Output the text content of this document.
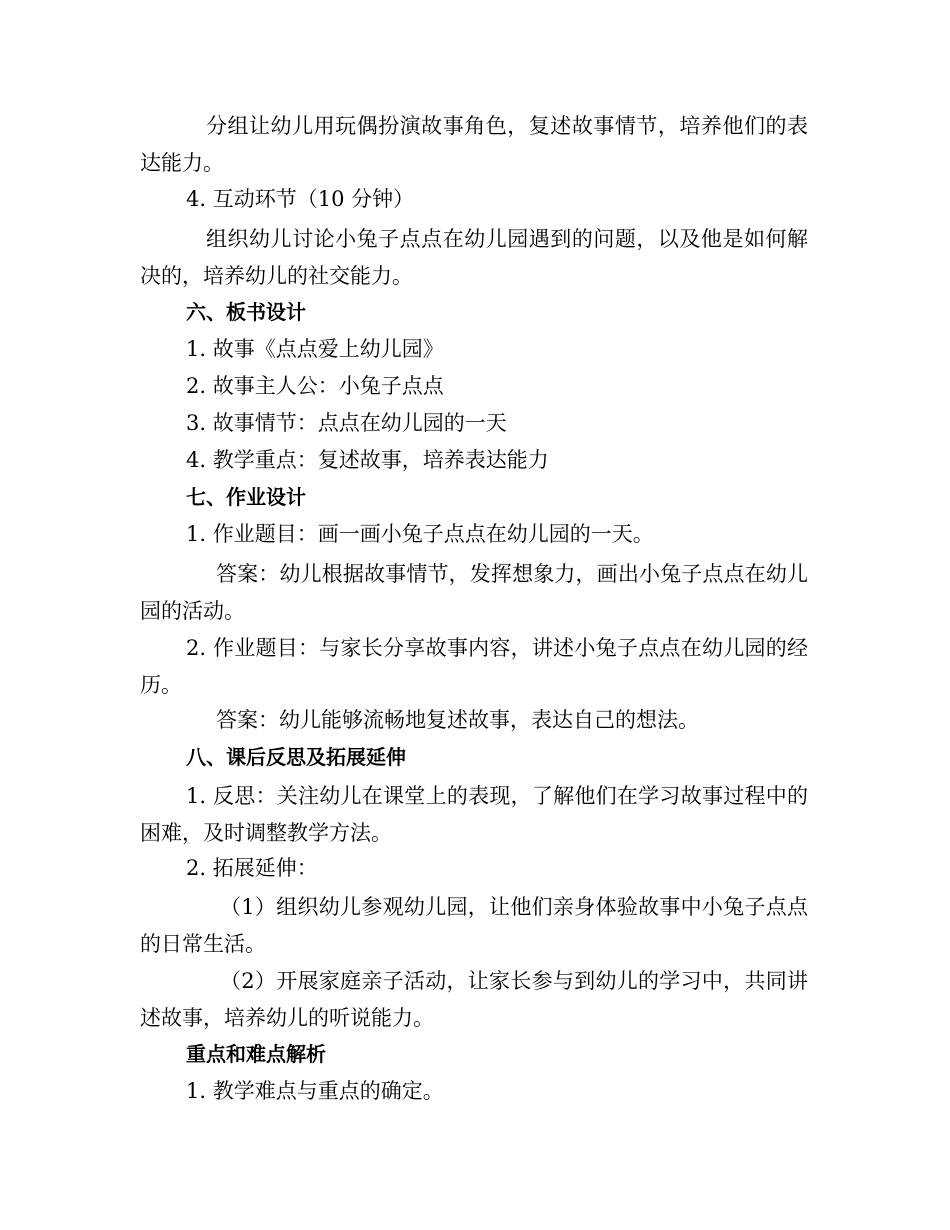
分组让幼儿用玩偶扮演故事角色，复述故事情节，培养他们的表达能力。
4. 互动环节（10 分钟）
组织幼儿讨论小兔子点点在幼儿园遇到的问题，以及他是如何解决的，培养幼儿的社交能力。
六、板书设计
1. 故事《点点爱上幼儿园》
2. 故事主人公：小兔子点点
3. 故事情节：点点在幼儿园的一天
4. 教学重点：复述故事，培养表达能力
七、作业设计
1. 作业题目：画一画小兔子点点在幼儿园的一天。
答案：幼儿根据故事情节，发挥想象力，画出小兔子点点在幼儿园的活动。
2. 作业题目：与家长分享故事内容，讲述小兔子点点在幼儿园的经历。
答案：幼儿能够流畅地复述故事，表达自己的想法。
八、课后反思及拓展延伸
1. 反思：关注幼儿在课堂上的表现，了解他们在学习故事过程中的困难，及时调整教学方法。
2. 拓展延伸：
（1）组织幼儿参观幼儿园，让他们亲身体验故事中小兔子点点的日常生活。
（2）开展家庭亲子活动，让家长参与到幼儿的学习中，共同讲述故事，培养幼儿的听说能力。
重点和难点解析
1. 教学难点与重点的确定。
